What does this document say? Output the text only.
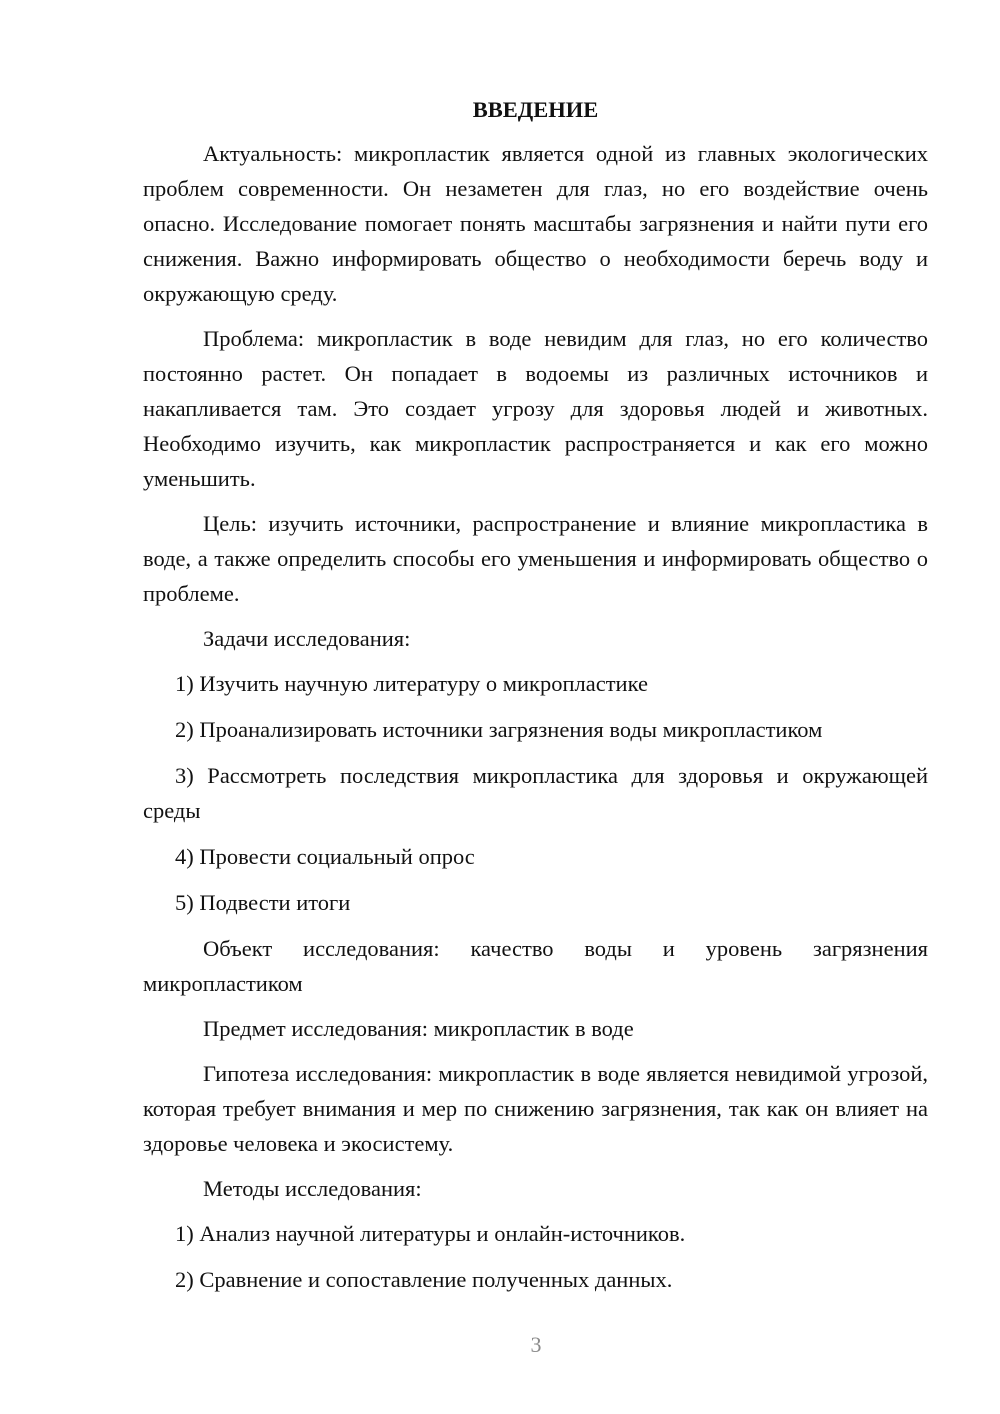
ВВЕДЕНИЕ

Актуальность: микропластик является одной из главных экологических проблем современности. Он незаметен для глаз, но его воздействие очень опасно. Исследование помогает понять масштабы загрязнения и найти пути его снижения. Важно информировать общество о необходимости беречь воду и окружающую среду.

Проблема: микропластик в воде невидим для глаз, но его количество постоянно растет. Он попадает в водоемы из различных источников и накапливается там. Это создает угрозу для здоровья людей и животных. Необходимо изучить, как микропластик распространяется и как его можно уменьшить.

Цель: изучить источники, распространение и влияние микропластика в воде, а также определить способы его уменьшения и информировать общество о проблеме.

Задачи исследования:

1) Изучить научную литературу о микропластике

2) Проанализировать источники загрязнения воды микропластиком

3) Рассмотреть последствия микропластика для здоровья и окружающей среды

4) Провести социальный опрос

5) Подвести итоги

Объект исследования: качество воды и уровень загрязнения микропластиком

Предмет исследования: микропластик в воде

Гипотеза исследования: микропластик в воде является невидимой угрозой, которая требует внимания и мер по снижению загрязнения, так как он влияет на здоровье человека и экосистему.

Методы исследования:

1) Анализ научной литературы и онлайн-источников.

2) Сравнение и сопоставление полученных данных.

3
